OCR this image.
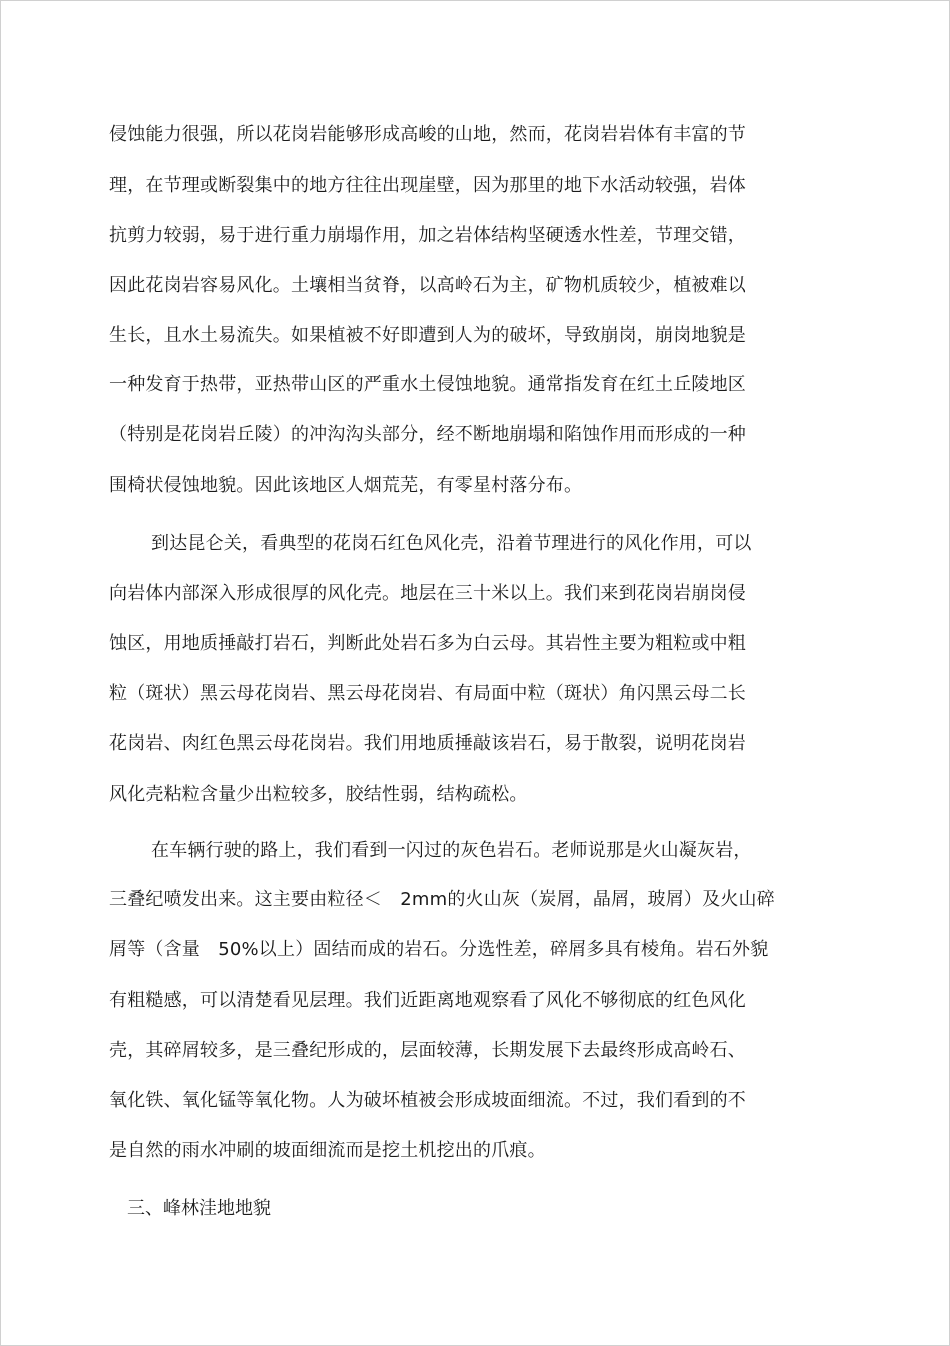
侵蚀能力很强，所以花岗岩能够形成高峻的山地，然而，花岗岩岩体有丰富的节
理，在节理或断裂集中的地方往往出现崖壁，因为那里的地下水活动较强，岩体
抗剪力较弱，易于进行重力崩塌作用，加之岩体结构坚硬透水性差，节理交错，
因此花岗岩容易风化。土壤相当贫脊，以高岭石为主，矿物机质较少，植被难以
生长，且水土易流失。如果植被不好即遭到人为的破坏，导致崩岗，崩岗地貌是
一种发育于热带，亚热带山区的严重水土侵蚀地貌。通常指发育在红土丘陵地区
（特别是花岗岩丘陵）的冲沟沟头部分，经不断地崩塌和陷蚀作用而形成的一种
围椅状侵蚀地貌。因此该地区人烟荒芜，有零星村落分布。
到达昆仑关，看典型的花岗石红色风化壳，沿着节理进行的风化作用，可以
向岩体内部深入形成很厚的风化壳。地层在三十米以上。我们来到花岗岩崩岗侵
蚀区，用地质捶敲打岩石，判断此处岩石多为白云母。其岩性主要为粗粒或中粗
粒（斑状）黑云母花岗岩、黑云母花岗岩、有局面中粒（斑状）角闪黑云母二长
花岗岩、肉红色黑云母花岗岩。我们用地质捶敲该岩石，易于散裂，说明花岗岩
风化壳粘粒含量少出粒较多，胶结性弱，结构疏松。
在车辆行驶的路上，我们看到一闪过的灰色岩石。老师说那是火山凝灰岩，
三叠纪喷发出来。这主要由粒径＜　2mm的火山灰（炭屑，晶屑，玻屑）及火山碎
屑等（含量　50%以上）固结而成的岩石。分选性差，碎屑多具有棱角。岩石外貌
有粗糙感，可以清楚看见层理。我们近距离地观察看了风化不够彻底的红色风化
壳，其碎屑较多，是三叠纪形成的，层面较薄，长期发展下去最终形成高岭石、
氧化铁、氧化锰等氧化物。人为破坏植被会形成坡面细流。不过，我们看到的不
是自然的雨水冲刷的坡面细流而是挖土机挖出的爪痕。
三、峰林洼地地貌
